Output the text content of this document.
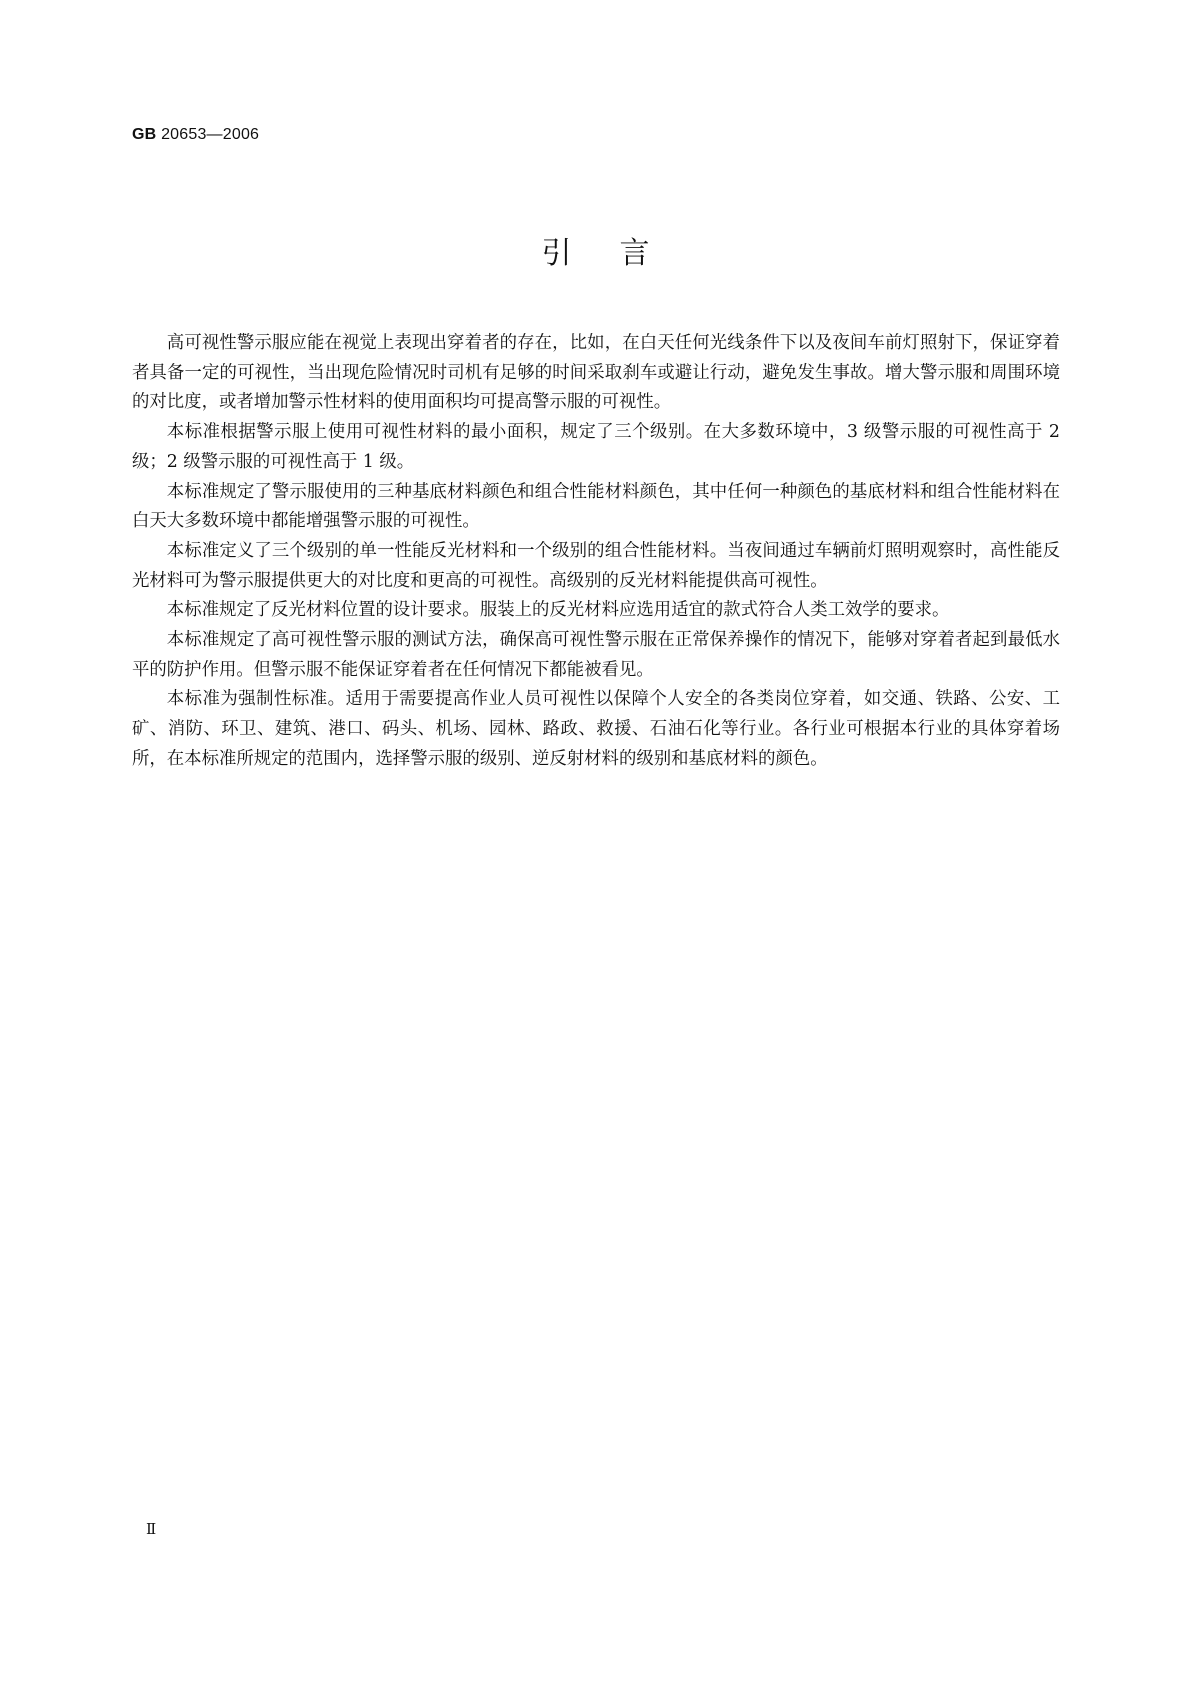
GB 20653—2006
引言

高可视性警示服应能在视觉上表现出穿着者的存在，比如，在白天任何光线条件下以及夜间车前灯照射下，保证穿着者具备一定的可视性，当出现危险情况时司机有足够的时间采取刹车或避让行动，避免发生事故。增大警示服和周围环境的对比度，或者增加警示性材料的使用面积均可提高警示服的可视性。

本标准根据警示服上使用可视性材料的最小面积，规定了三个级别。在大多数环境中，3 级警示服的可视性高于 2 级；2 级警示服的可视性高于 1 级。

本标准规定了警示服使用的三种基底材料颜色和组合性能材料颜色，其中任何一种颜色的基底材料和组合性能材料在白天大多数环境中都能增强警示服的可视性。

本标准定义了三个级别的单一性能反光材料和一个级别的组合性能材料。当夜间通过车辆前灯照明观察时，高性能反光材料可为警示服提供更大的对比度和更高的可视性。高级别的反光材料能提供高可视性。

本标准规定了反光材料位置的设计要求。服装上的反光材料应选用适宜的款式符合人类工效学的要求。

本标准规定了高可视性警示服的测试方法，确保高可视性警示服在正常保养操作的情况下，能够对穿着者起到最低水平的防护作用。但警示服不能保证穿着者在任何情况下都能被看见。

本标准为强制性标准。适用于需要提高作业人员可视性以保障个人安全的各类岗位穿着，如交通、铁路、公安、工矿、消防、环卫、建筑、港口、码头、机场、园林、路政、救援、石油石化等行业。各行业可根据本行业的具体穿着场所，在本标准所规定的范围内，选择警示服的级别、逆反射材料的级别和基底材料的颜色。

Ⅱ
